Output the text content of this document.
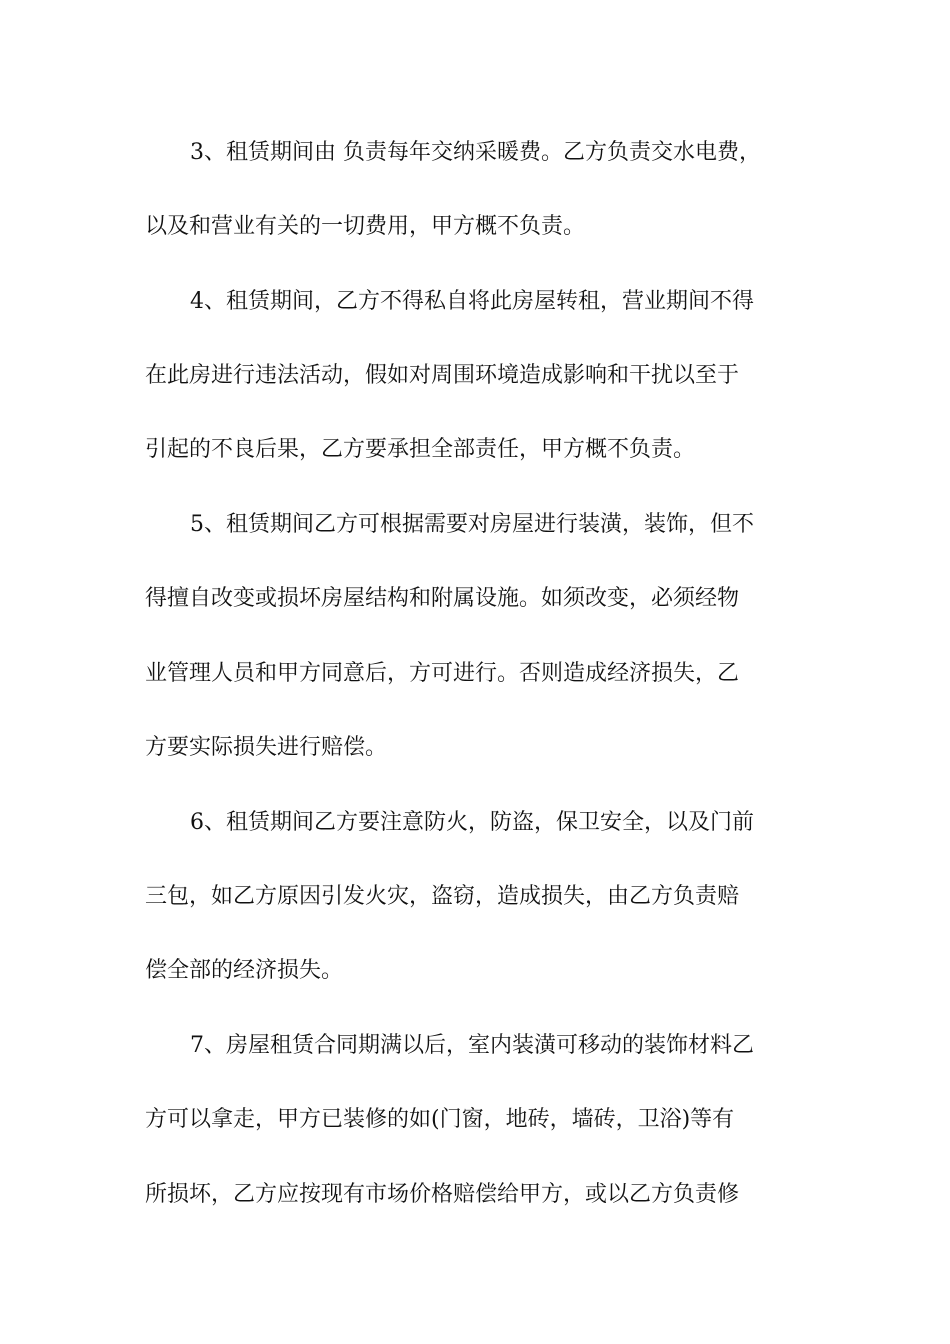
3、租赁期间由 负责每年交纳采暖费。乙方负责交水电费，
以及和营业有关的一切费用，甲方概不负责。
4、租赁期间，乙方不得私自将此房屋转租，营业期间不得
在此房进行违法活动，假如对周围环境造成影响和干扰以至于
引起的不良后果，乙方要承担全部责任，甲方概不负责。
5、租赁期间乙方可根据需要对房屋进行装潢，装饰，但不
得擅自改变或损坏房屋结构和附属设施。如须改变，必须经物
业管理人员和甲方同意后，方可进行。否则造成经济损失，乙
方要实际损失进行赔偿。
6、租赁期间乙方要注意防火，防盗，保卫安全，以及门前
三包，如乙方原因引发火灾，盗窃，造成损失，由乙方负责赔
偿全部的经济损失。
7、房屋租赁合同期满以后，室内装潢可移动的装饰材料乙
方可以拿走，甲方已装修的如(门窗，地砖，墙砖，卫浴)等有
所损坏，乙方应按现有市场价格赔偿给甲方，或以乙方负责修
